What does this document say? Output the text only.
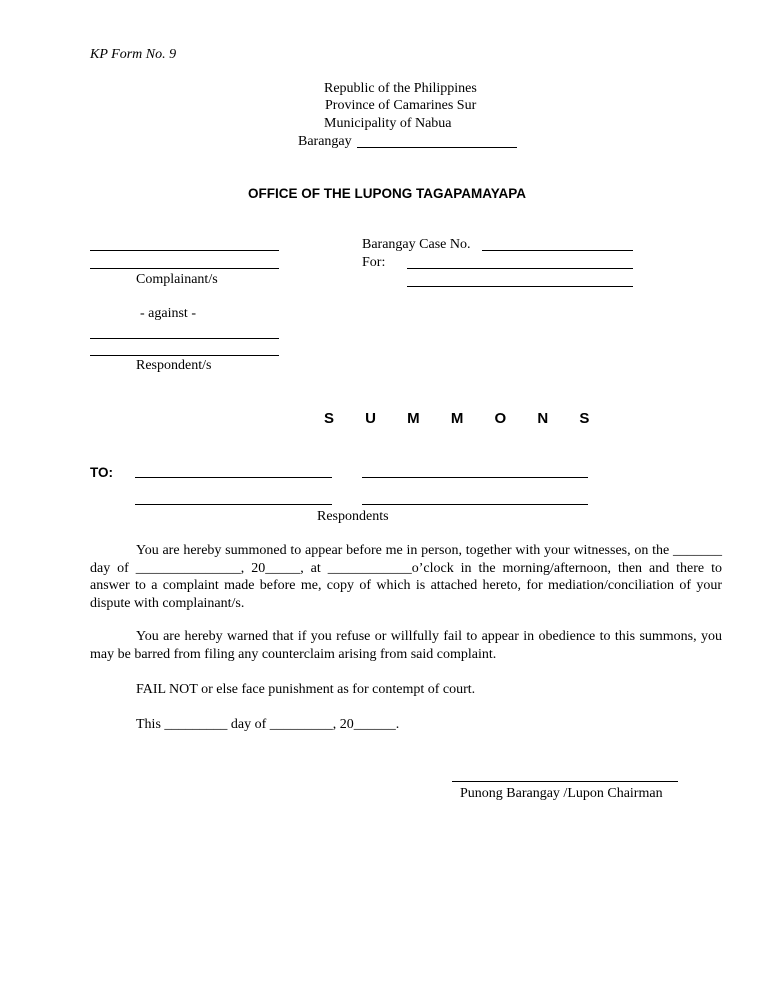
KP Form No. 9
Republic of the Philippines
Province of Camarines Sur
Municipality of Nabua
Barangay
OFFICE OF THE LUPONG TAGAPAMAYAPA
Complainant/s
- against -
Respondent/s
Barangay Case No.
For:
S U M M O N S
TO:
Respondents

You are hereby summoned to appear before me in person, together with your witnesses, on the _______ day of _______________, 20_____, at ____________o’clock in the morning/afternoon, then and there to answer to a complaint made before me, copy of which is attached hereto, for mediation/conciliation of your dispute with complainant/s.

You are hereby warned that if you refuse or willfully fail to appear in obedience to this summons, you may be barred from filing any counterclaim arising from said complaint.

FAIL NOT or else face punishment as for contempt of court.

This _________ day of _________, 20______.

Punong Barangay /Lupon Chairman
